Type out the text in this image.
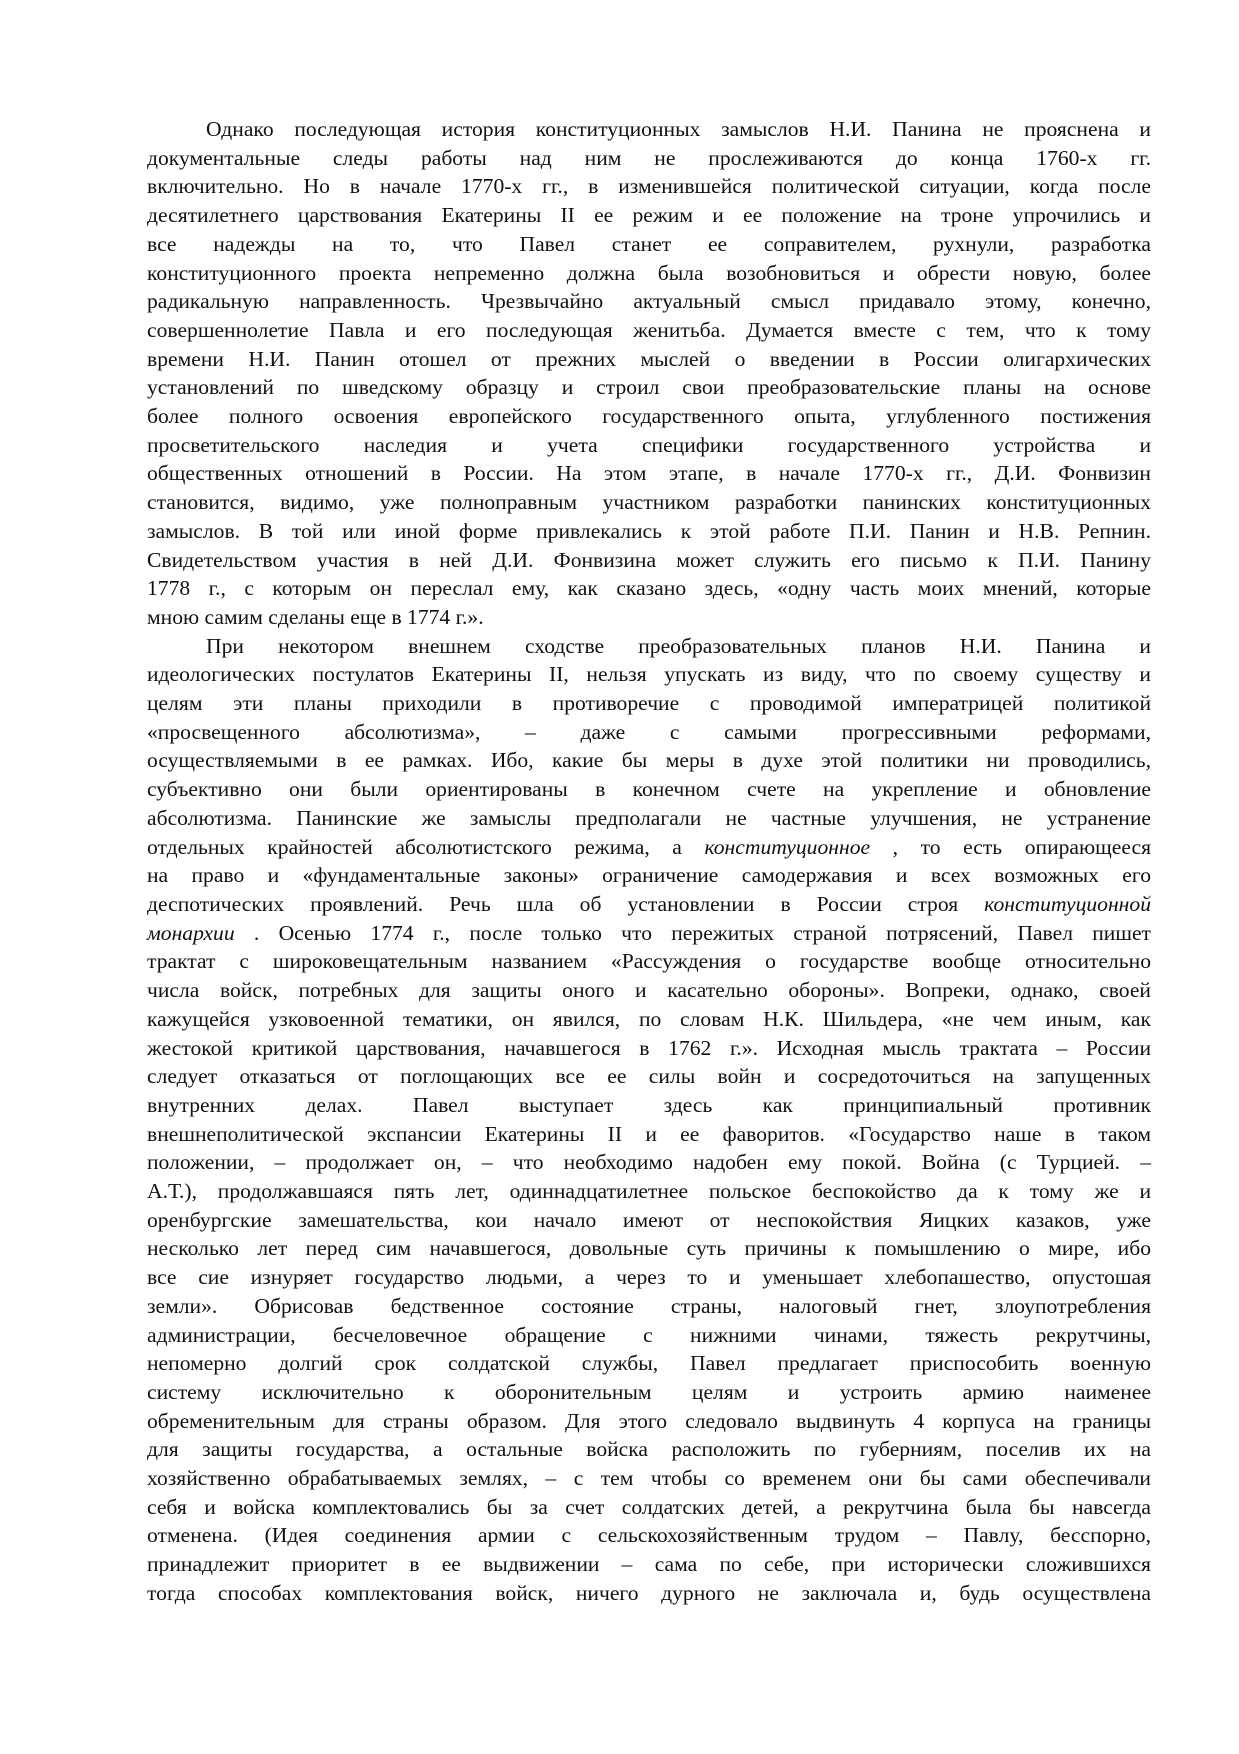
Однако последующая история конституционных замыслов Н.И. Панина не прояснена и
документальные следы работы над ним не прослеживаются до конца 1760-х гг.
включительно. Но в начале 1770-х гг., в изменившейся политической ситуации, когда после
десятилетнего царствования Екатерины II ее режим и ее положение на троне упрочились и
все надежды на то, что Павел станет ее соправителем, рухнули, разработка
конституционного проекта непременно должна была возобновиться и обрести новую, более
радикальную направленность. Чрезвычайно актуальный смысл придавало этому, конечно,
совершеннолетие Павла и его последующая женитьба. Думается вместе с тем, что к тому
времени Н.И. Панин отошел от прежних мыслей о введении в России олигархических
установлений по шведскому образцу и строил свои преобразовательские планы на основе
более полного освоения европейского государственного опыта, углубленного постижения
просветительского наследия и учета специфики государственного устройства и
общественных отношений в России. На этом этапе, в начале 1770-х гг., Д.И. Фонвизин
становится, видимо, уже полноправным участником разработки панинских конституционных
замыслов. В той или иной форме привлекались к этой работе П.И. Панин и Н.В. Репнин.
Свидетельством участия в ней Д.И. Фонвизина может служить его письмо к П.И. Панину
1778 г., с которым он переслал ему, как сказано здесь, «одну часть моих мнений, которые
мною самим сделаны еще в 1774 г.».
При некотором внешнем сходстве преобразовательных планов Н.И. Панина и
идеологических постулатов Екатерины II, нельзя упускать из виду, что по своему существу и
целям эти планы приходили в противоречие с проводимой императрицей политикой
«просвещенного абсолютизма», – даже с самыми прогрессивными реформами,
осуществляемыми в ее рамках. Ибо, какие бы меры в духе этой политики ни проводились,
субъективно они были ориентированы в конечном счете на укрепление и обновление
абсолютизма. Панинские же замыслы предполагали не частные улучшения, не устранение
отдельных крайностей абсолютистского режима, а конституционное , то есть опирающееся
на право и «фундаментальные законы» ограничение самодержавия и всех возможных его
деспотических проявлений. Речь шла об установлении в России строя конституционной
монархии . Осенью 1774 г., после только что пережитых страной потрясений, Павел пишет
трактат с широковещательным названием «Рассуждения о государстве вообще относительно
числа войск, потребных для защиты оного и касательно обороны». Вопреки, однако, своей
кажущейся узковоенной тематики, он явился, по словам Н.К. Шильдера, «не чем иным, как
жестокой критикой царствования, начавшегося в 1762 г.». Исходная мысль трактата – России
следует отказаться от поглощающих все ее силы войн и сосредоточиться на запущенных
внутренних делах. Павел выступает здесь как принципиальный противник
внешнеполитической экспансии Екатерины II и ее фаворитов. «Государство наше в таком
положении, – продолжает он, – что необходимо надобен ему покой. Война (с Турцией. –
А.Т.), продолжавшаяся пять лет, одиннадцатилетнее польское беспокойство да к тому же и
оренбургские замешательства, кои начало имеют от неспокойствия Яицких казаков, уже
несколько лет перед сим начавшегося, довольные суть причины к помышлению о мире, ибо
все сие изнуряет государство людьми, а через то и уменьшает хлебопашество, опустошая
земли». Обрисовав бедственное состояние страны, налоговый гнет, злоупотребления
администрации, бесчеловечное обращение с нижними чинами, тяжесть рекрутчины,
непомерно долгий срок солдатской службы, Павел предлагает приспособить военную
систему исключительно к оборонительным целям и устроить армию наименее
обременительным для страны образом. Для этого следовало выдвинуть 4 корпуса на границы
для защиты государства, а остальные войска расположить по губерниям, поселив их на
хозяйственно обрабатываемых землях, – с тем чтобы со временем они бы сами обеспечивали
себя и войска комплектовались бы за счет солдатских детей, а рекрутчина была бы навсегда
отменена. (Идея соединения армии с сельскохозяйственным трудом – Павлу, бесспорно,
принадлежит приоритет в ее выдвижении – сама по себе, при исторически сложившихся
тогда способах комплектования войск, ничего дурного не заключала и, будь осуществлена
